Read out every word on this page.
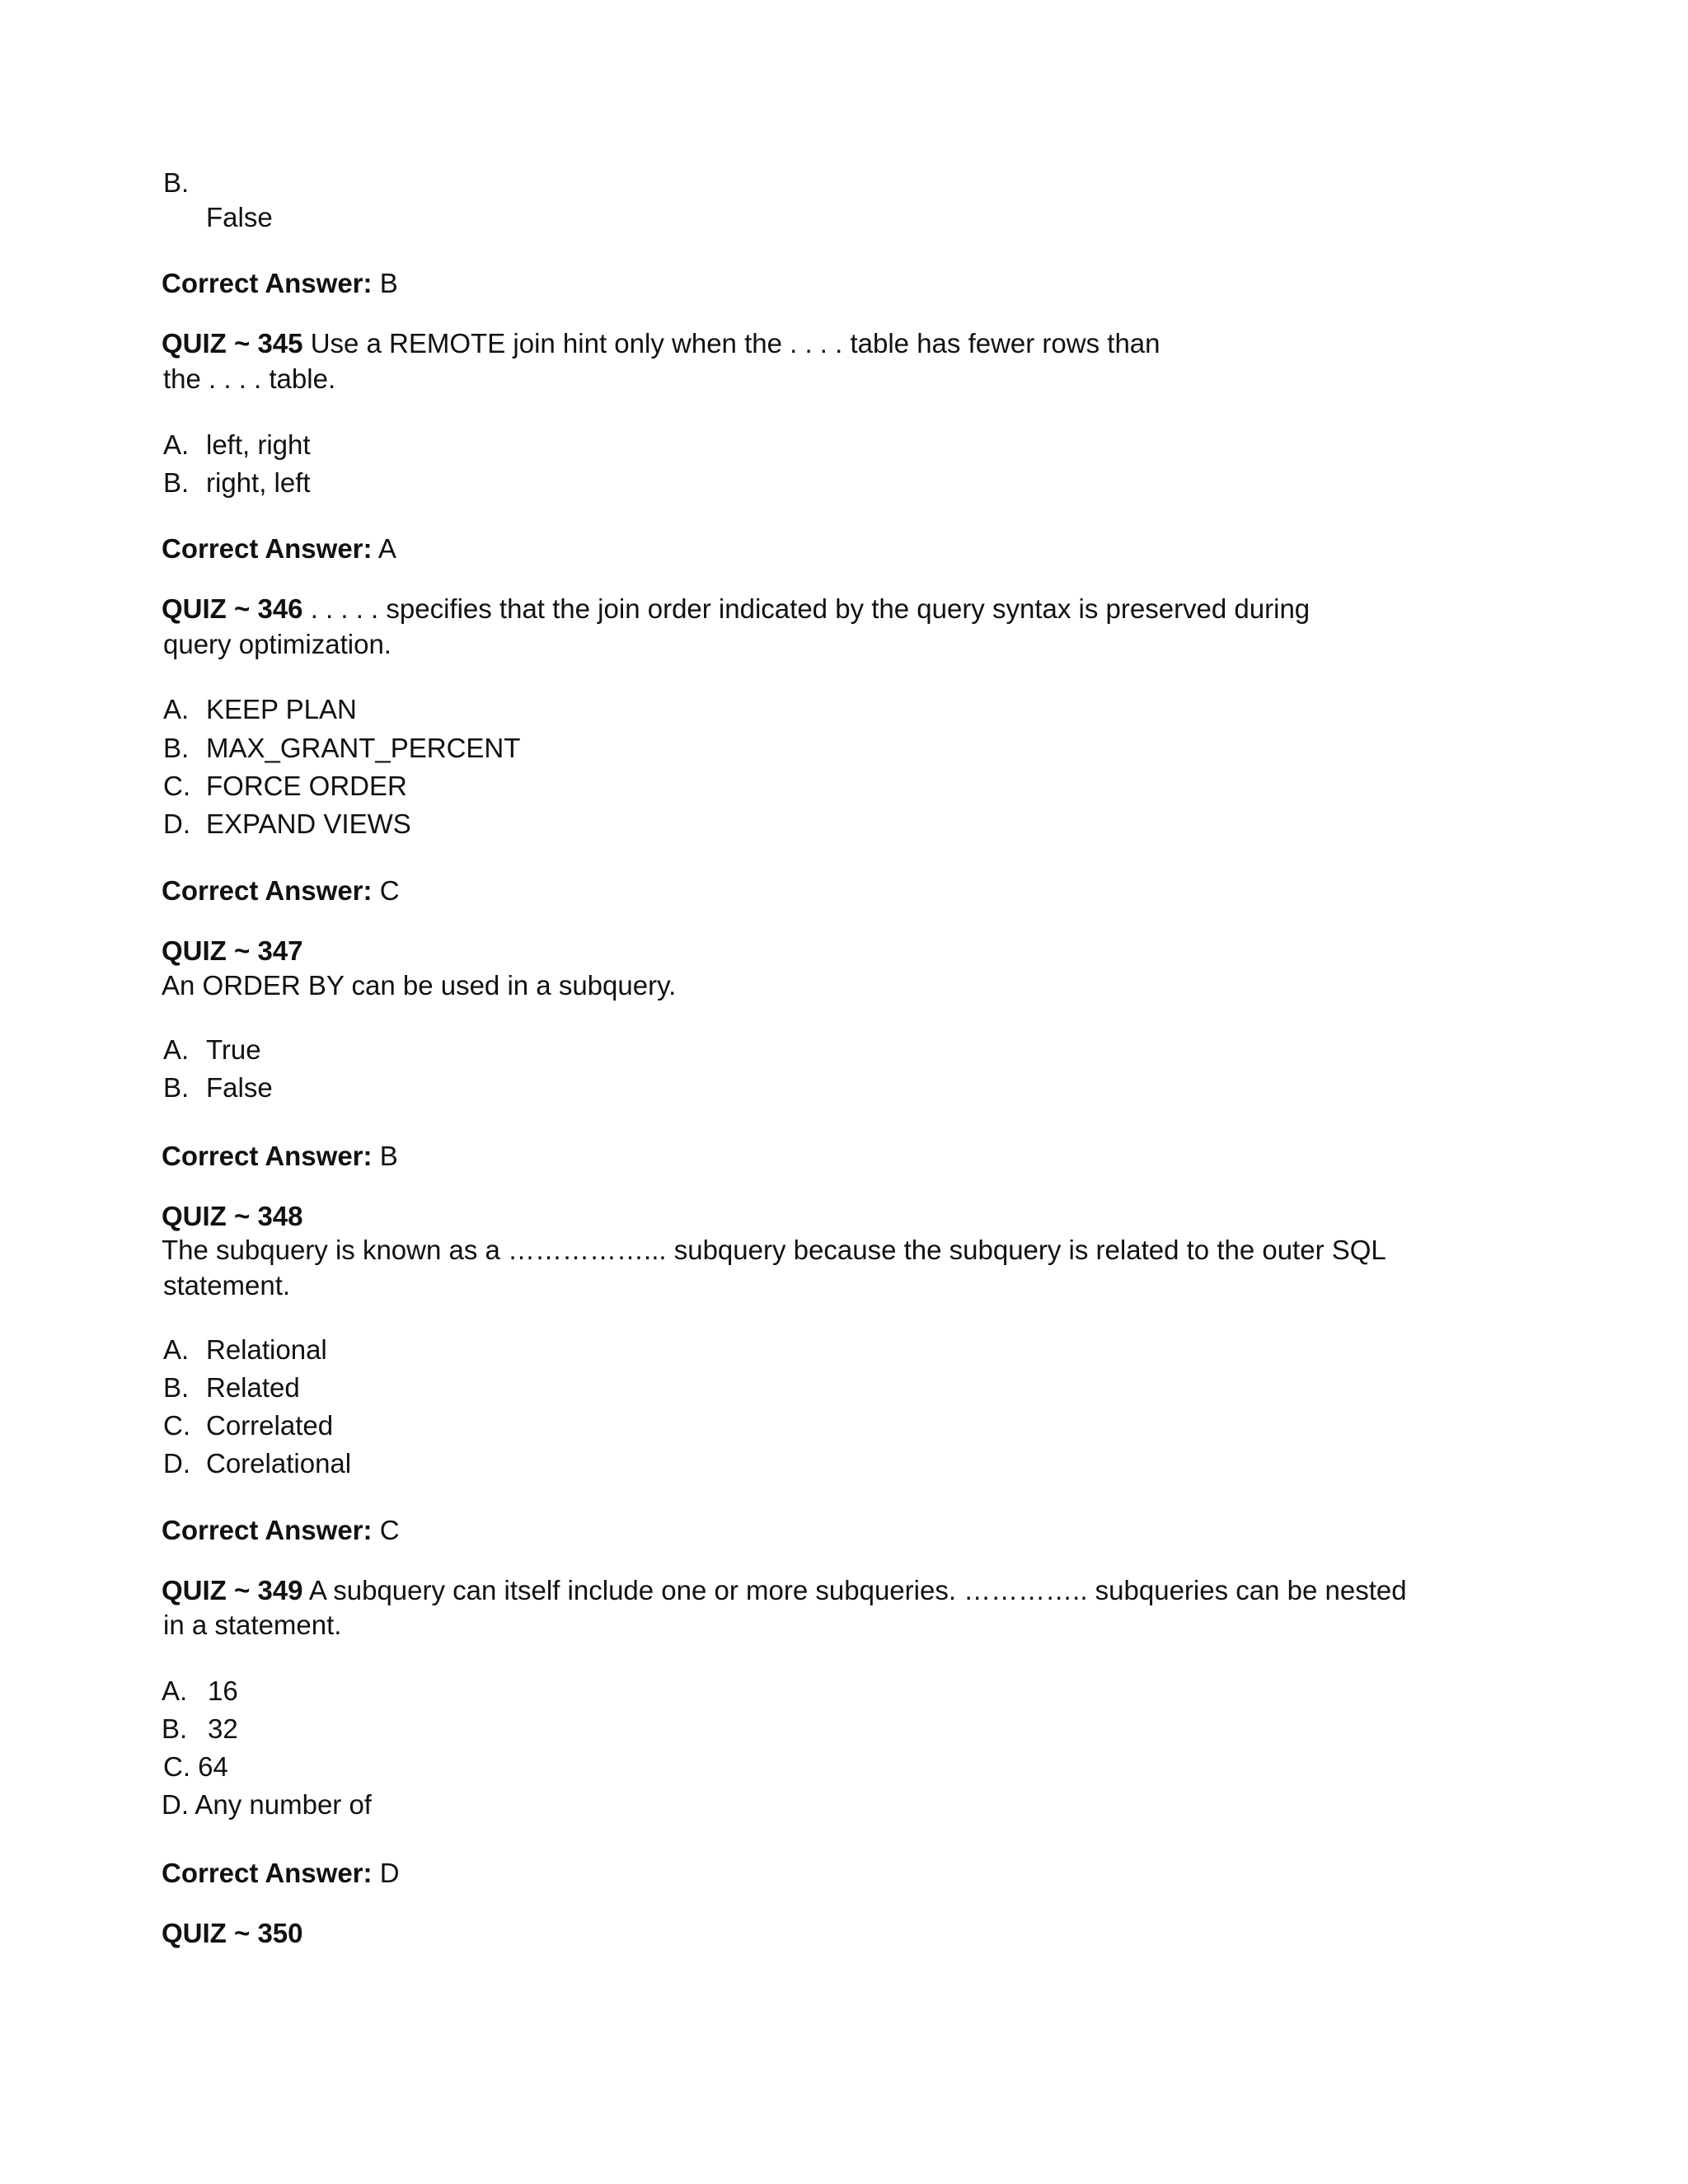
B.
False
Correct Answer: B
QUIZ ~ 345 Use a REMOTE join hint only when the . . . . table has fewer rows than
the . . . . table.
A. left, right
B. right, left
Correct Answer: A
QUIZ ~ 346 . . . . . specifies that the join order indicated by the query syntax is preserved during
query optimization.
A. KEEP PLAN
B. MAX_GRANT_PERCENT
C. FORCE ORDER
D. EXPAND VIEWS
Correct Answer: C
QUIZ ~ 347
An ORDER BY can be used in a subquery.
A. True
B. False
Correct Answer: B
QUIZ ~ 348
The subquery is known as a ……………... subquery because the subquery is related to the outer SQL
statement.
A. Relational
B. Related
C. Correlated
D. Corelational
Correct Answer: C
QUIZ ~ 349 A subquery can itself include one or more subqueries. ………….. subqueries can be nested
in a statement.
A. 16
B. 32
C. 64
D. Any number of
Correct Answer: D
QUIZ ~ 350
